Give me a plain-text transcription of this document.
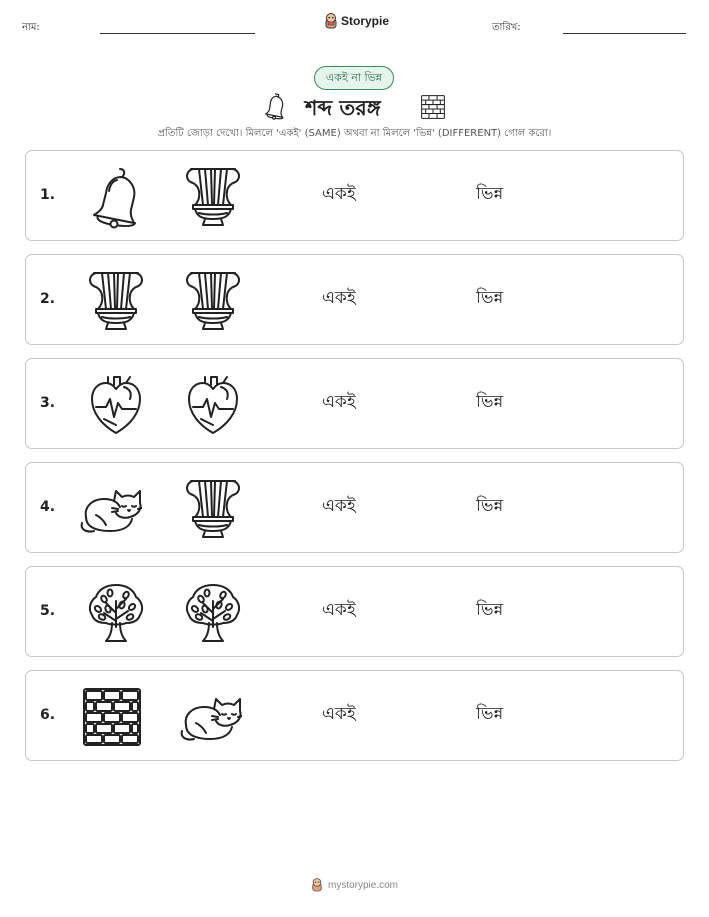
নাম:	Storypie	তারিখ:
একই না ভিন্ন
শব্দ তরঙ্গ
প্রতিটি জোড়া দেখো। মিললে 'একই' (SAME) অথবা না মিললে 'ভিন্ন' (DIFFERENT) গোল করো।
1.	একই	ভিন্ন
2.	একই	ভিন্ন
3.	একই	ভিন্ন
4.	একই	ভিন্ন
5.	একই	ভিন্ন
6.	একই	ভিন্ন
mystorypie.com
